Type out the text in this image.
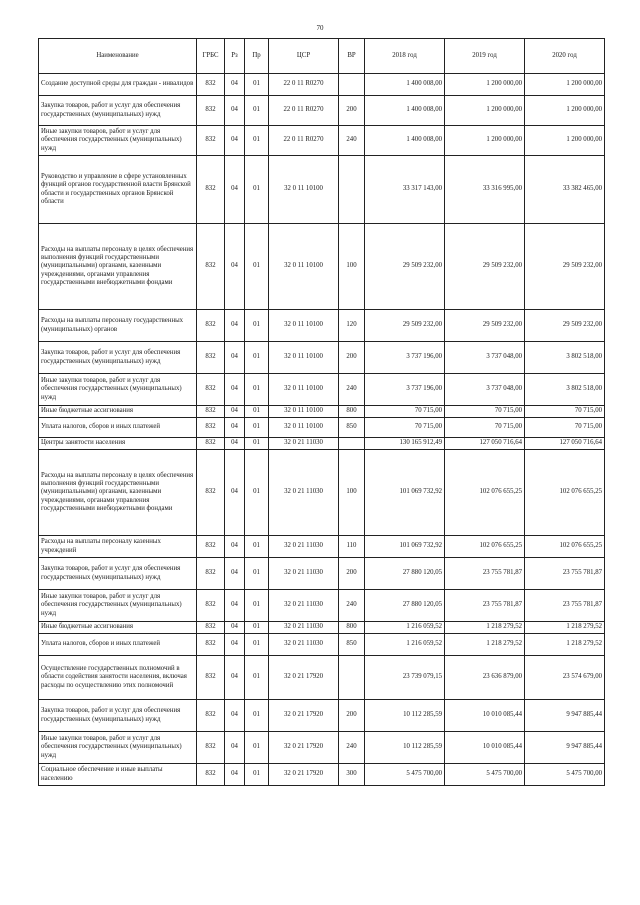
70
Наименование	ГРБС	Рз	Пр	ЦСР	ВР	2018 год	2019 год	2020 год
Создание доступной среды для граждан - инвалидов	832	04	01	22 0 11 R0270		1 400 008,00	1 200 000,00	1 200 000,00
Закупка товаров, работ и услуг для обеспечения государственных (муниципальных) нужд	832	04	01	22 0 11 R0270	200	1 400 008,00	1 200 000,00	1 200 000,00
Иные закупки товаров, работ и услуг для обеспечения государственных (муниципальных) нужд	832	04	01	22 0 11 R0270	240	1 400 008,00	1 200 000,00	1 200 000,00
Руководство и управление в сфере установленных функций органов государственной власти Брянской области и государственных органов Брянской области	832	04	01	32 0 11 10100		33 317 143,00	33 316 995,00	33 382 465,00
Расходы на выплаты персоналу в целях обеспечения выполнения функций государственными (муниципальными) органами, казенными учреждениями, органами управления государственными внебюджетными фондами	832	04	01	32 0 11 10100	100	29 509 232,00	29 509 232,00	29 509 232,00
Расходы на выплаты персоналу государственных (муниципальных) органов	832	04	01	32 0 11 10100	120	29 509 232,00	29 509 232,00	29 509 232,00
Закупка товаров, работ и услуг для обеспечения государственных (муниципальных) нужд	832	04	01	32 0 11 10100	200	3 737 196,00	3 737 048,00	3 802 518,00
Иные закупки товаров, работ и услуг для обеспечения государственных (муниципальных) нужд	832	04	01	32 0 11 10100	240	3 737 196,00	3 737 048,00	3 802 518,00
Иные бюджетные ассигнования	832	04	01	32 0 11 10100	800	70 715,00	70 715,00	70 715,00
Уплата налогов, сборов и иных платежей	832	04	01	32 0 11 10100	850	70 715,00	70 715,00	70 715,00
Центры занятости населения	832	04	01	32 0 21 11030		130 165 912,49	127 050 716,64	127 050 716,64
Расходы на выплаты персоналу в целях обеспечения выполнения функций государственными (муниципальными) органами, казенными учреждениями, органами управления государственными внебюджетными фондами	832	04	01	32 0 21 11030	100	101 069 732,92	102 076 655,25	102 076 655,25
Расходы на выплаты персоналу казенных учреждений	832	04	01	32 0 21 11030	110	101 069 732,92	102 076 655,25	102 076 655,25
Закупка товаров, работ и услуг для обеспечения государственных (муниципальных) нужд	832	04	01	32 0 21 11030	200	27 880 120,05	23 755 781,87	23 755 781,87
Иные закупки товаров, работ и услуг для обеспечения государственных (муниципальных) нужд	832	04	01	32 0 21 11030	240	27 880 120,05	23 755 781,87	23 755 781,87
Иные бюджетные ассигнования	832	04	01	32 0 21 11030	800	1 216 059,52	1 218 279,52	1 218 279,52
Уплата налогов, сборов и иных платежей	832	04	01	32 0 21 11030	850	1 216 059,52	1 218 279,52	1 218 279,52
Осуществление государственных полномочий в области содействия занятости населения, включая расходы по осуществлению этих полномочий	832	04	01	32 0 21 17920		23 739 079,15	23 636 879,00	23 574 679,00
Закупка товаров, работ и услуг для обеспечения государственных (муниципальных) нужд	832	04	01	32 0 21 17920	200	10 112 285,59	10 010 085,44	9 947 885,44
Иные закупки товаров, работ и услуг для обеспечения государственных (муниципальных) нужд	832	04	01	32 0 21 17920	240	10 112 285,59	10 010 085,44	9 947 885,44
Социальное обеспечение и иные выплаты населению	832	04	01	32 0 21 17920	300	5 475 700,00	5 475 700,00	5 475 700,00
